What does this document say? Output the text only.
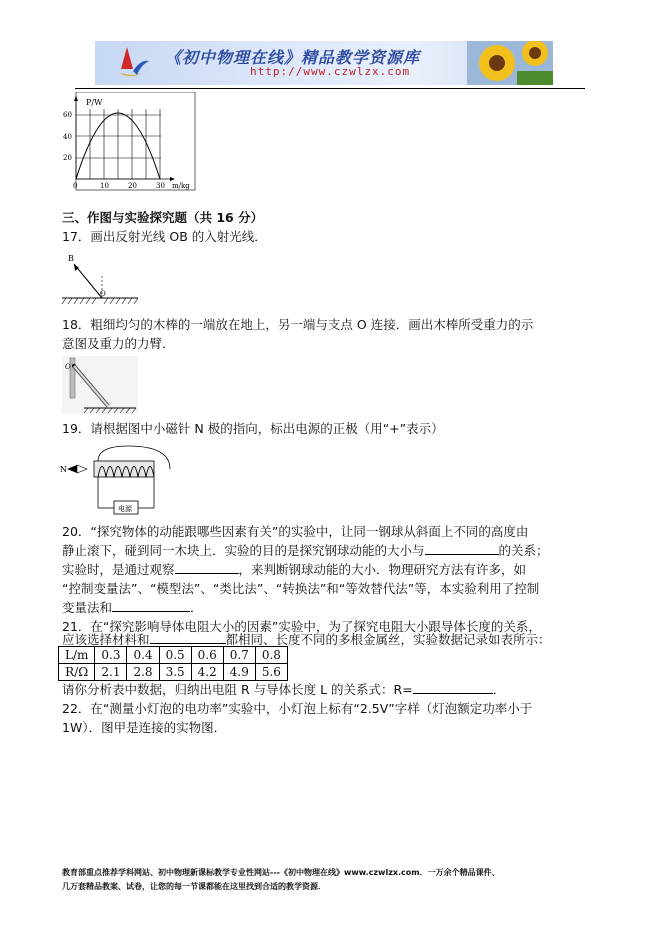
《初中物理在线》精品教学资源库
http://www.czwlzx.com
P/W
60
40
20
0	10	20	30 m/kg
三、作图与实验探究题（共 16 分）
17．画出反射光线 OB 的入射光线．
B
O
18．粗细均匀的木棒的一端放在地上，另一端与支点 O 连接．画出木棒所受重力的示
意图及重力的力臂．
O
19．请根据图中小磁针 N 极的指向，标出电源的正极（用“+”表示）
N
电源
20．“探究物体的动能跟哪些因素有关”的实验中，让同一钢球从斜面上不同的高度由
静止滚下，碰到同一木块上．实验的目的是探究钢球动能的大小与	的关系；
实验时，是通过观察	，来判断钢球动能的大小．物理研究方法有许多，如
“控制变量法”、“模型法”、“类比法”、“转换法”和“等效替代法”等，本实验利用了控制
变量法和	．
21．在“探究影响导体电阻大小的因素”实验中，为了探究电阻大小跟导体长度的关系，
应该选择材料和	都相同、长度不同的多根金属丝，实验数据记录如表所示：
L/m	0.3	0.4	0.5	0.6	0.7	0.8
R/Ω	2.1	2.8	3.5	4.2	4.9	5.6
请你分析表中数据，归纳出电阻 R 与导体长度 L 的关系式：R=	．
22．在“测量小灯泡的电功率”实验中，小灯泡上标有“2.5V”字样（灯泡额定功率小于
1W）．图甲是连接的实物图．
教育部重点推荐学科网站、初中物理新课标教学专业性网站---《初中物理在线》www.czwlzx.com．一万余个精品课件、
几万套精品教案、试卷，让您的每一节课都能在这里找到合适的教学资源．
